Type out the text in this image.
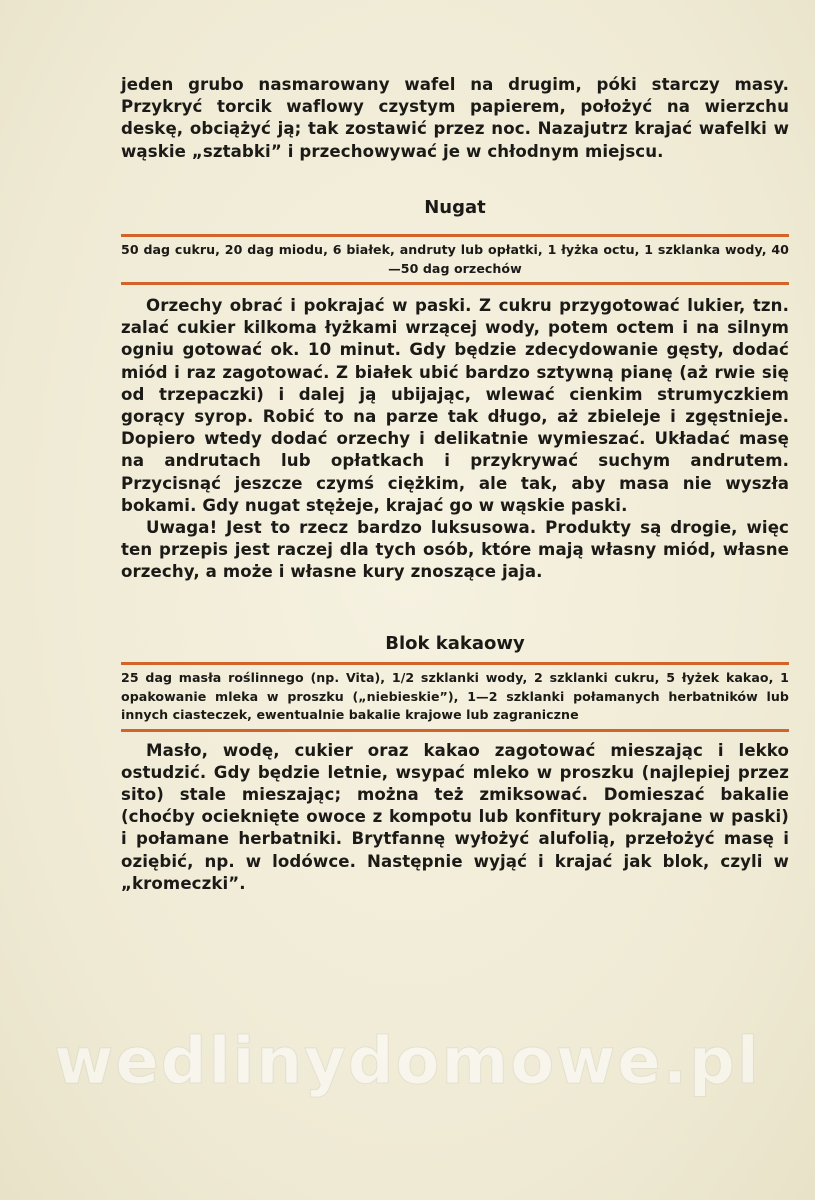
jeden grubo nasmarowany wafel na drugim, póki starczy masy. Przykryć torcik waflowy czystym papierem, położyć na wierzchu deskę, obciążyć ją; tak zostawić przez noc. Nazajutrz krajać wafelki w wąskie „sztabki” i przechowywać je w chłodnym miejscu.

Nugat

50 dag cukru, 20 dag miodu, 6 białek, andruty lub opłatki, 1 łyżka octu, 1 szklanka wody, 40—50 dag orzechów

Orzechy obrać i pokrajać w paski. Z cukru przygotować lukier, tzn. zalać cukier kilkoma łyżkami wrzącej wody, potem octem i na silnym ogniu gotować ok. 10 minut. Gdy będzie zdecydowanie gęsty, dodać miód i raz zagotować. Z białek ubić bardzo sztywną pianę (aż rwie się od trzepaczki) i dalej ją ubijając, wlewać cienkim strumyczkiem gorący syrop. Robić to na parze tak długo, aż zbieleje i zgęstnieje. Dopiero wtedy dodać orzechy i delikatnie wymieszać. Układać masę na andrutach lub opłatkach i przykrywać suchym andrutem. Przycisnąć jeszcze czymś ciężkim, ale tak, aby masa nie wyszła bokami. Gdy nugat stężeje, krajać go w wąskie paski.

Uwaga! Jest to rzecz bardzo luksusowa. Produkty są drogie, więc ten przepis jest raczej dla tych osób, które mają własny miód, własne orzechy, a może i własne kury znoszące jaja.

Blok kakaowy

25 dag masła roślinnego (np. Vita), 1/2 szklanki wody, 2 szklanki cukru, 5 łyżek kakao, 1 opakowanie mleka w proszku („niebieskie”), 1—2 szklanki połamanych herbatników lub innych ciasteczek, ewentualnie bakalie krajowe lub zagraniczne

Masło, wodę, cukier oraz kakao zagotować mieszając i lekko ostudzić. Gdy będzie letnie, wsypać mleko w proszku (najlepiej przez sito) stale mieszając; można też zmiksować. Domieszać bakalie (choćby ocieknięte owoce z kompotu lub konfitury pokrajane w paski) i połamane herbatniki. Brytfannę wyłożyć alufolią, przełożyć masę i oziębić, np. w lodówce. Następnie wyjąć i krajać jak blok, czyli w „kromeczki”.

wedlinydomowe.pl
